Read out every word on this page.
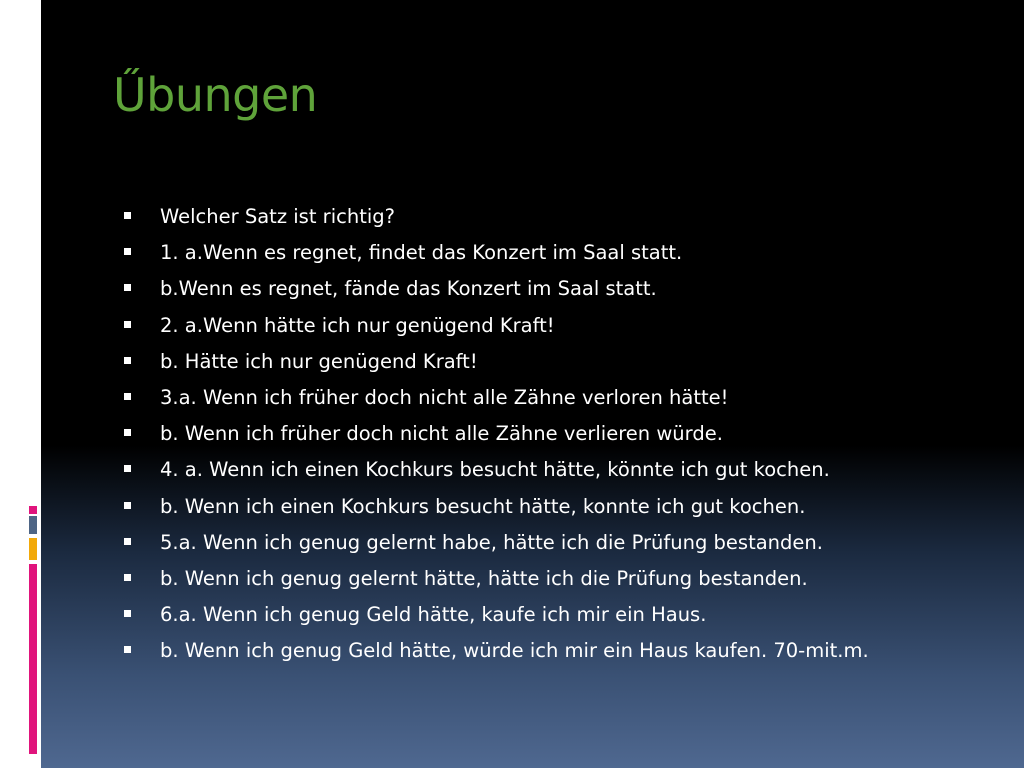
Űbungen
Welcher Satz ist richtig?
1. a.Wenn es regnet, findet das Konzert im Saal statt.
b.Wenn es regnet, fände das Konzert im Saal statt.
2. a.Wenn hätte ich nur genügend Kraft!
b. Hätte ich nur genügend Kraft!
3.a. Wenn ich früher doch nicht alle Zähne verloren hätte!
b. Wenn ich früher doch nicht alle Zähne verlieren würde.
4. a. Wenn ich einen Kochkurs besucht hätte, könnte ich gut kochen.
b. Wenn ich einen Kochkurs besucht hätte, konnte ich gut kochen.
5.a. Wenn ich genug gelernt habe, hätte ich die Prüfung bestanden.
b. Wenn ich genug gelernt hätte, hätte ich die Prüfung bestanden.
6.a. Wenn ich genug Geld hätte, kaufe ich mir ein Haus.
b. Wenn ich genug Geld hätte, würde ich mir ein Haus kaufen. 70-mit.m.
